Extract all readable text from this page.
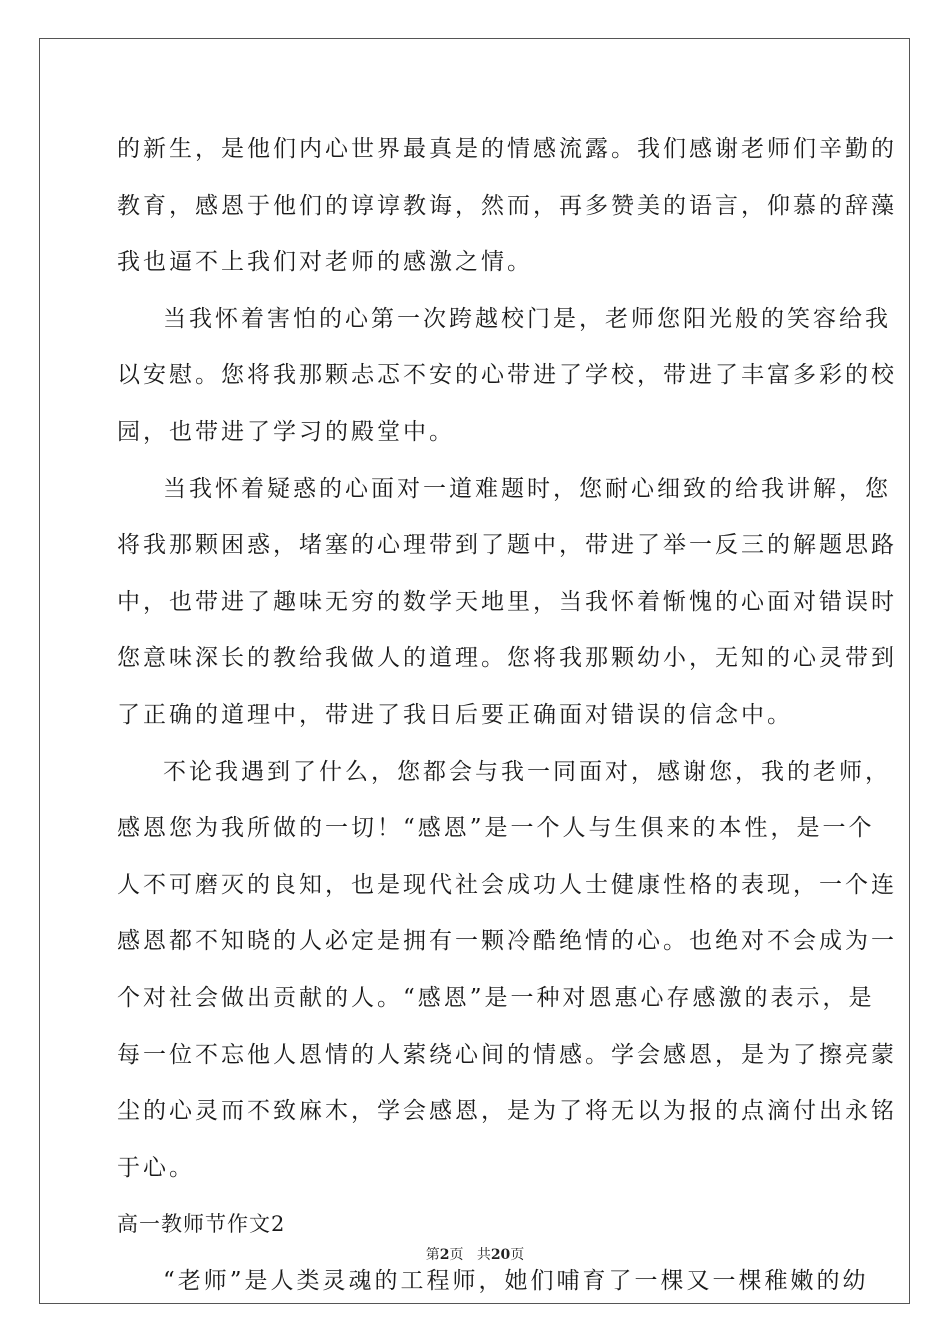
的新生，是他们内心世界最真是的情感流露。我们感谢老师们辛勤的
教育，感恩于他们的谆谆教诲，然而，再多赞美的语言，仰慕的辞藻
我也逼不上我们对老师的感激之情。
当我怀着害怕的心第一次跨越校门是，老师您阳光般的笑容给我
以安慰。您将我那颗忐忑不安的心带进了学校，带进了丰富多彩的校
园，也带进了学习的殿堂中。
当我怀着疑惑的心面对一道难题时，您耐心细致的给我讲解，您
将我那颗困惑，堵塞的心理带到了题中，带进了举一反三的解题思路
中，也带进了趣味无穷的数学天地里，当我怀着惭愧的心面对错误时
您意味深长的教给我做人的道理。您将我那颗幼小，无知的心灵带到
了正确的道理中，带进了我日后要正确面对错误的信念中。
不论我遇到了什么，您都会与我一同面对，感谢您，我的老师，
感恩您为我所做的一切！“感恩”是一个人与生俱来的本性，是一个
人不可磨灭的良知，也是现代社会成功人士健康性格的表现，一个连
感恩都不知晓的人必定是拥有一颗冷酷绝情的心。也绝对不会成为一
个对社会做出贡献的人。“感恩”是一种对恩惠心存感激的表示，是
每一位不忘他人恩情的人萦绕心间的情感。学会感恩，是为了擦亮蒙
尘的心灵而不致麻木，学会感恩，是为了将无以为报的点滴付出永铭
于心。
高一教师节作文2
“老师”是人类灵魂的工程师，她们哺育了一棵又一棵稚嫩的幼
第2页 共20页
